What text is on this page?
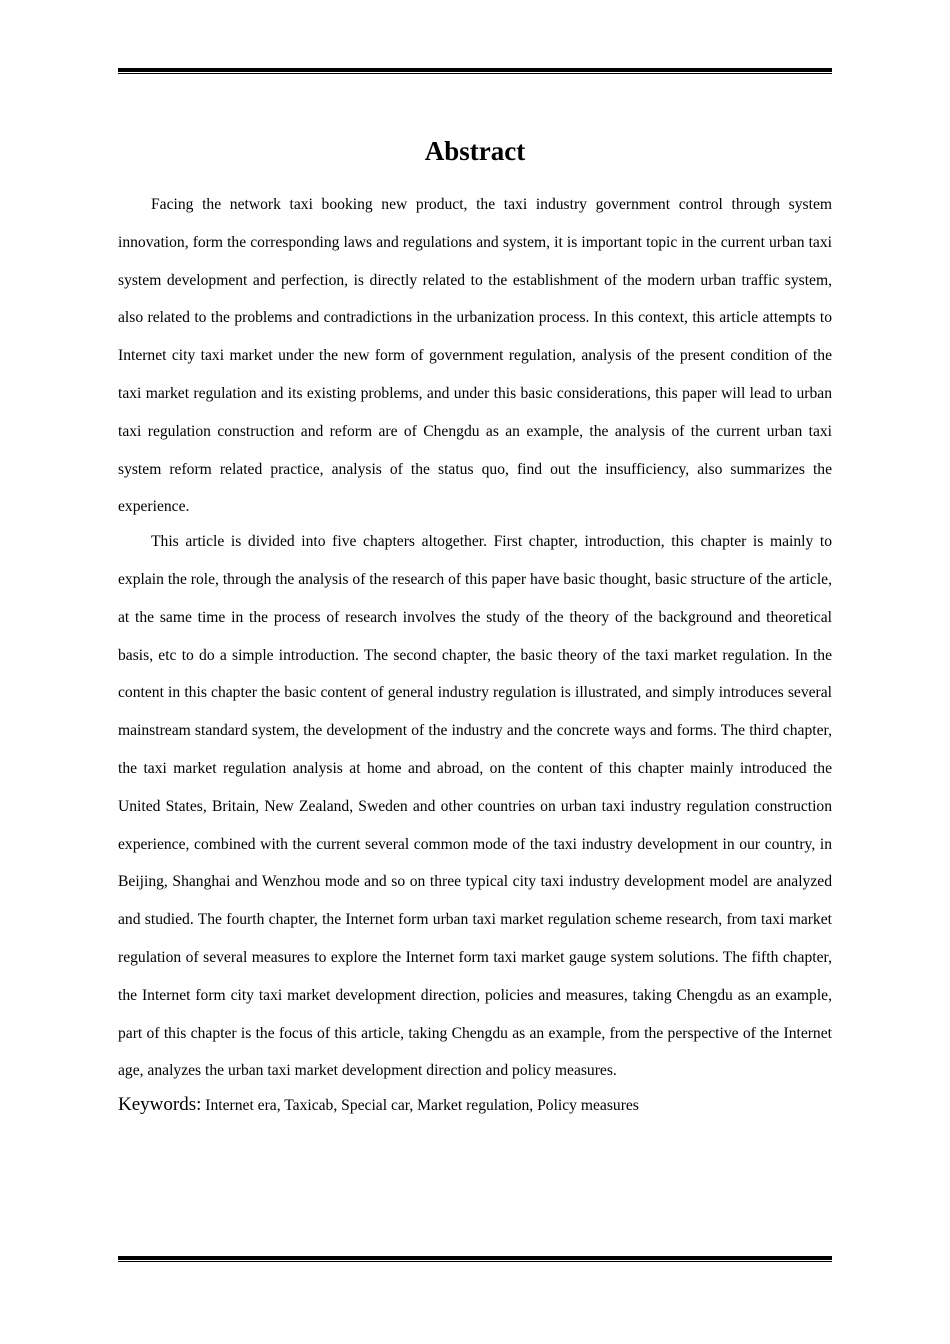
Abstract

Facing the network taxi booking new product, the taxi industry government control through system innovation, form the corresponding laws and regulations and system, it is important topic in the current urban taxi system development and perfection, is directly related to the establishment of the modern urban traffic system, also related to the problems and contradictions in the urbanization process. In this context, this article attempts to Internet city taxi market under the new form of government regulation, analysis of the present condition of the taxi market regulation and its existing problems, and under this basic considerations, this paper will lead to urban taxi regulation construction and reform are of Chengdu as an example, the analysis of the current urban taxi system reform related practice, analysis of the status quo, find out the insufficiency, also summarizes the experience.

This article is divided into five chapters altogether. First chapter, introduction, this chapter is mainly to explain the role, through the analysis of the research of this paper have basic thought, basic structure of the article, at the same time in the process of research involves the study of the theory of the background and theoretical basis, etc to do a simple introduction. The second chapter, the basic theory of the taxi market regulation. In the content in this chapter the basic content of general industry regulation is illustrated, and simply introduces several mainstream standard system, the development of the industry and the concrete ways and forms. The third chapter, the taxi market regulation analysis at home and abroad, on the content of this chapter mainly introduced the United States, Britain, New Zealand, Sweden and other countries on urban taxi industry regulation construction experience, combined with the current several common mode of the taxi industry development in our country, in Beijing, Shanghai and Wenzhou mode and so on three typical city taxi industry development model are analyzed and studied. The fourth chapter, the Internet form urban taxi market regulation scheme research, from taxi market regulation of several measures to explore the Internet form taxi market gauge system solutions. The fifth chapter, the Internet form city taxi market development direction, policies and measures, taking Chengdu as an example, part of this chapter is the focus of this article, taking Chengdu as an example, from the perspective of the Internet age, analyzes the urban taxi market development direction and policy measures.

Keywords: Internet era, Taxicab, Special car, Market regulation, Policy measures
